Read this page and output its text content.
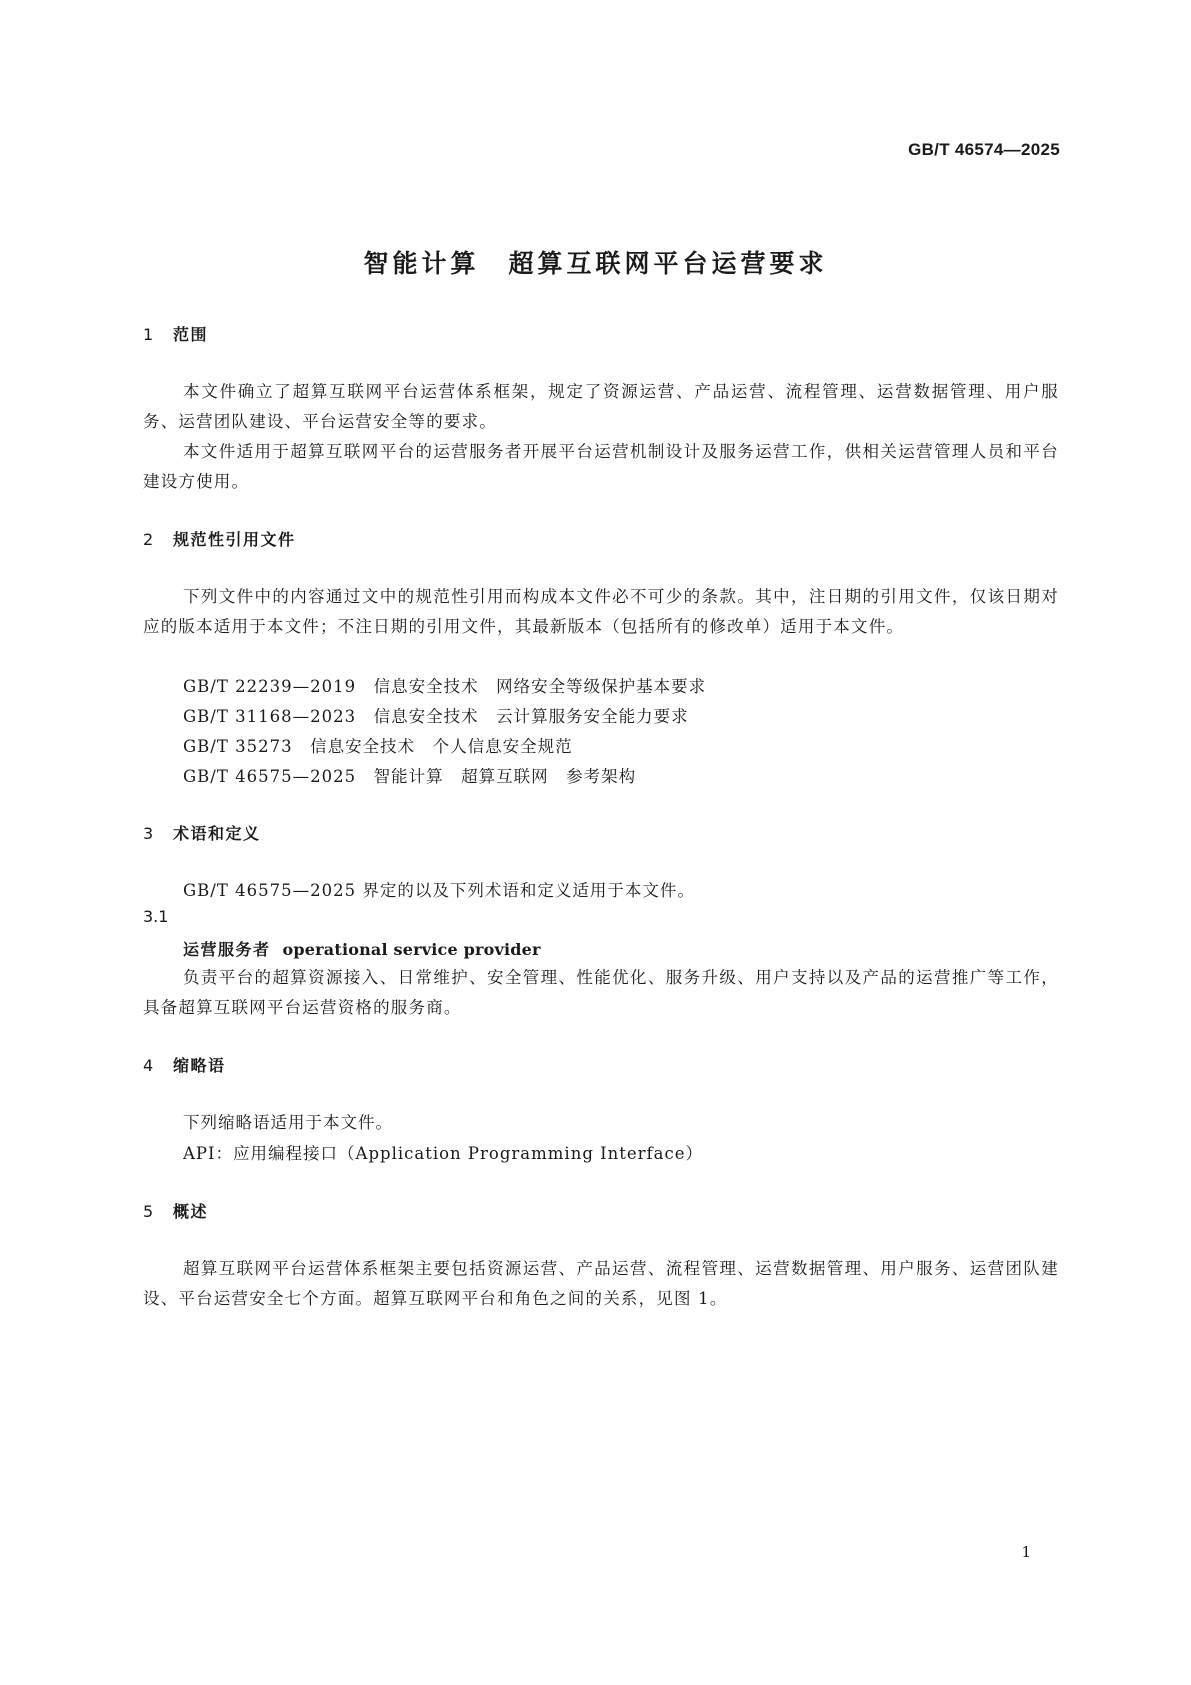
GB/T 46574—2025
智能计算　超算互联网平台运营要求
1 范围
本文件确立了超算互联网平台运营体系框架，规定了资源运营、产品运营、流程管理、运营数据管理、用户服务、运营团队建设、平台运营安全等的要求。
本文件适用于超算互联网平台的运营服务者开展平台运营机制设计及服务运营工作，供相关运营管理人员和平台建设方使用。
2 规范性引用文件
下列文件中的内容通过文中的规范性引用而构成本文件必不可少的条款。其中，注日期的引用文件，仅该日期对应的版本适用于本文件；不注日期的引用文件，其最新版本（包括所有的修改单）适用于本文件。
GB/T 22239—2019　信息安全技术　网络安全等级保护基本要求
GB/T 31168—2023　信息安全技术　云计算服务安全能力要求
GB/T 35273　信息安全技术　个人信息安全规范
GB/T 46575—2025　智能计算　超算互联网　参考架构
3 术语和定义
GB/T 46575—2025 界定的以及下列术语和定义适用于本文件。
3.1
运营服务者 operational service provider
负责平台的超算资源接入、日常维护、安全管理、性能优化、服务升级、用户支持以及产品的运营推广等工作，具备超算互联网平台运营资格的服务商。
4 缩略语
下列缩略语适用于本文件。
API：应用编程接口（Application Programming Interface）
5 概述
超算互联网平台运营体系框架主要包括资源运营、产品运营、流程管理、运营数据管理、用户服务、运营团队建设、平台运营安全七个方面。超算互联网平台和角色之间的关系，见图 1。
1
